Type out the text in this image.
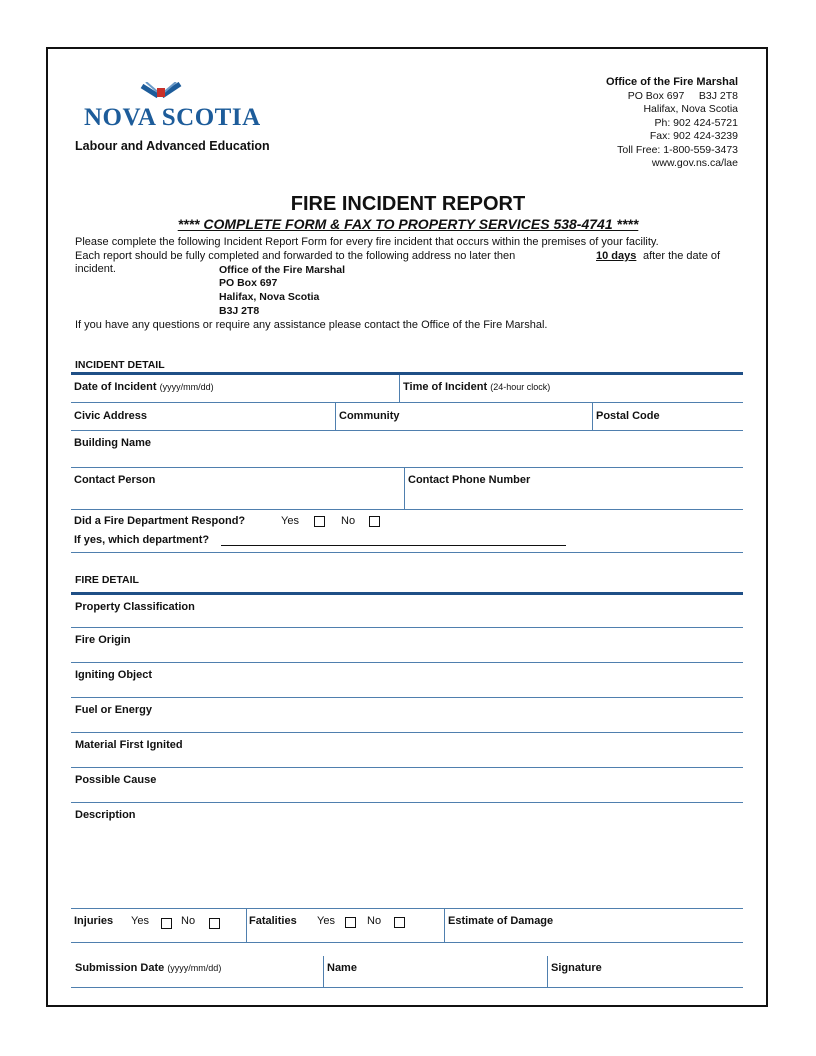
NOVA SCOTIA
Labour and Advanced Education
Office of the Fire Marshal
PO Box 697     B3J 2T8
Halifax, Nova Scotia
Ph: 902 424-5721
Fax: 902 424-3239
Toll Free: 1-800-559-3473
www.gov.ns.ca/lae
FIRE INCIDENT REPORT
**** COMPLETE FORM & FAX TO PROPERTY SERVICES 538-4741 ****
Please complete the following Incident Report Form for every fire incident that occurs within the premises of your facility.
Each report should be fully completed and forwarded to the following address no later then
incident.
10 days after the date of
Office of the Fire Marshal
PO Box 697
Halifax, Nova Scotia
B3J 2T8
If you have any questions or require any assistance please contact the Office of the Fire Marshal.
INCIDENT DETAIL
Date of Incident (yyyy/mm/dd)	Time of Incident (24-hour clock)
Civic Address	Community	Postal Code
Building Name
Contact Person	Contact Phone Number
Did a Fire Department Respond?	Yes	No
If yes, which department?
FIRE DETAIL
Property Classification
Fire Origin
Igniting Object
Fuel or Energy
Material First Ignited
Possible Cause
Description
Injuries Yes	No	Fatalities Yes	No	Estimate of Damage
Submission Date (yyyy/mm/dd)	Name	Signature
